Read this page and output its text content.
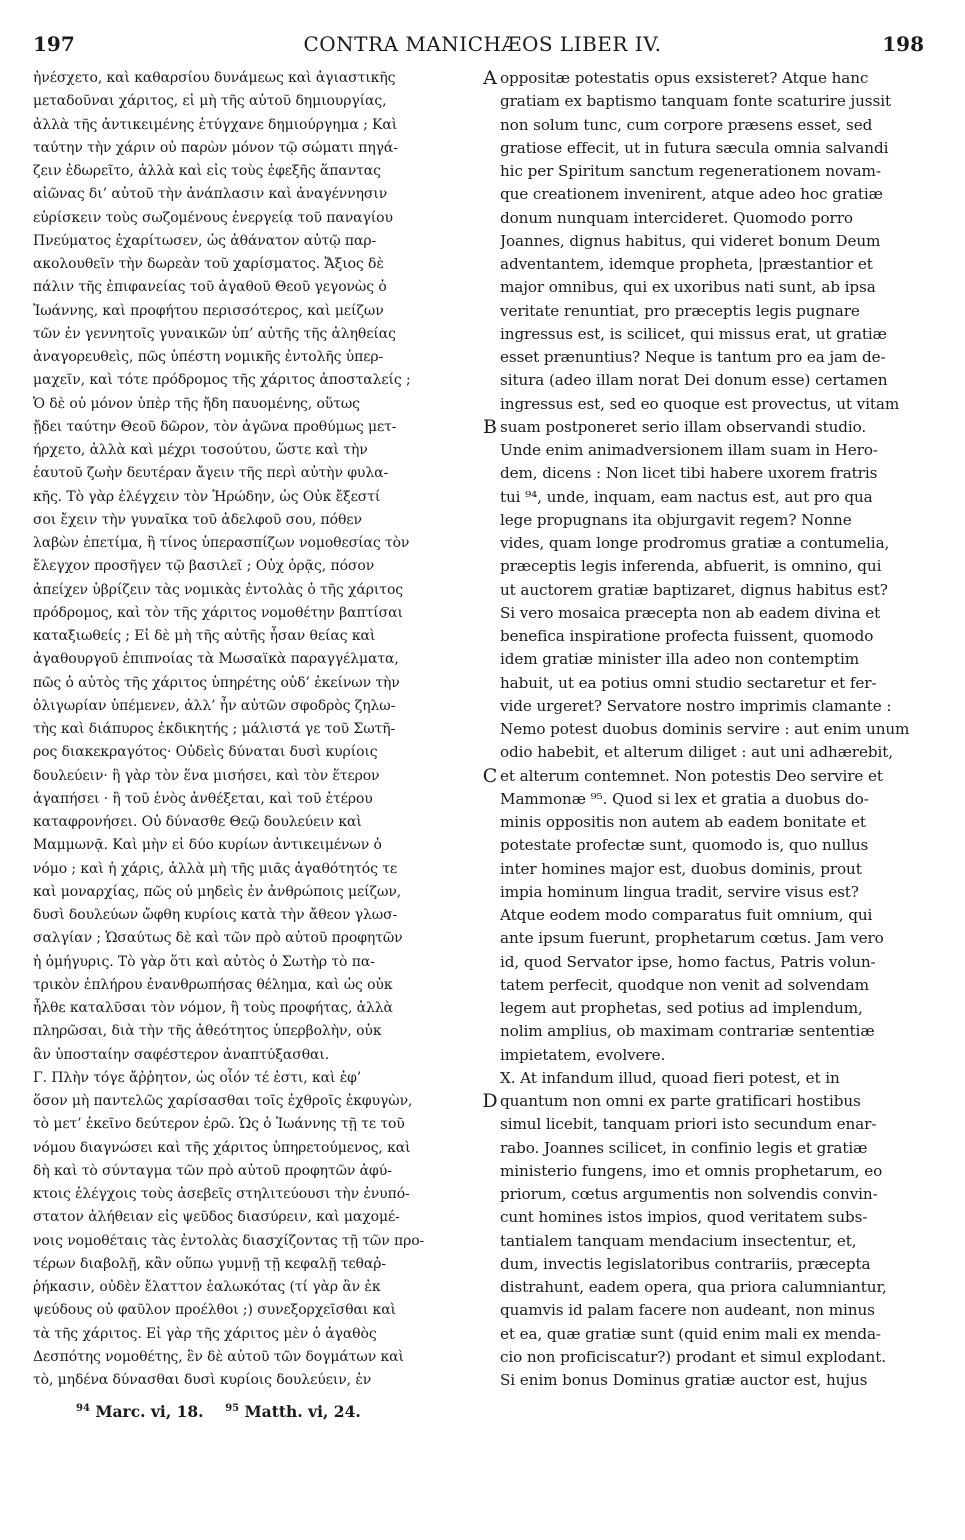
197	CONTRA MANICHÆOS LIBER IV.	198
ἠνέσχετο, καὶ καθαρσίου δυνάμεως καὶ ἁγιαστικῆς
μεταδοῦναι χάριτος, εἰ μὴ τῆς αὐτοῦ δημιουργίας,
ἀλλὰ τῆς ἀντικειμένης ἐτύγχανε δημιούργημα ; Καὶ
ταύτην τὴν χάριν οὐ παρὼν μόνον τῷ σώματι πηγά-
ζειν ἐδωρεῖτο, ἀλλὰ καὶ εἰς τοὺς ἐφεξῆς ἅπαντας
αἰῶνας δι’ αὐτοῦ τὴν ἀνάπλασιν καὶ ἀναγέννησιν
εὑρίσκειν τοὺς σωζομένους ἐνεργείᾳ τοῦ παναγίου
Πνεύματος ἐχαρίτωσεν, ὡς ἀθάνατον αὐτῷ παρ-
ακολουθεῖν τὴν δωρεὰν τοῦ χαρίσματος. Ἄξιος δὲ
πάλιν τῆς ἐπιφανείας τοῦ ἀγαθοῦ Θεοῦ γεγονὼς ὁ
Ἰωάννης, καὶ προφήτου περισσότερος, καὶ μείζων
τῶν ἐν γεννητοῖς γυναικῶν ὑπ’ αὐτῆς τῆς ἀληθείας
ἀναγορευθεὶς, πῶς ὑπέστη νομικῆς ἐντολῆς ὑπερ-
μαχεῖν, καὶ τότε πρόδρομος τῆς χάριτος ἀποσταλείς ;
Ὁ δὲ οὐ μόνον ὑπὲρ τῆς ἤδη παυομένης, οὕτως
ᾔδει ταύτην Θεοῦ δῶρον, τὸν ἀγῶνα προθύμως μετ-
ήρχετο, ἀλλὰ καὶ μέχρι τοσούτου, ὥστε καὶ τὴν
ἑαυτοῦ ζωὴν δευτέραν ἄγειν τῆς περὶ αὐτὴν φυλα-
κῆς. Τὸ γὰρ ἐλέγχειν τὸν Ἡρώδην, ὡς Οὐκ ἔξεστί
σοι ἔχειν τὴν γυναῖκα τοῦ ἀδελφοῦ σου, πόθεν
λαβὼν ἐπετίμα, ἢ τίνος ὑπερασπίζων νομοθεσίας τὸν
ἔλεγχον προσῆγεν τῷ βασιλεῖ ; Οὐχ ὁρᾷς, πόσον
ἀπείχεν ὑβρίζειν τὰς νομικὰς ἐντολὰς ὁ τῆς χάριτος
πρόδρομος, καὶ τὸν τῆς χάριτος νομοθέτην βαπτίσαι
καταξιωθείς ; Εἰ δὲ μὴ τῆς αὐτῆς ἦσαν θείας καὶ
ἀγαθουργοῦ ἐπιπνοίας τὰ Μωσαϊκὰ παραγγέλματα,
πῶς ὁ αὐτὸς τῆς χάριτος ὑπηρέτης οὐδ’ ἐκείνων τὴν
ὀλιγωρίαν ὑπέμενεν, ἀλλ’ ἦν αὐτῶν σφοδρὸς ζηλω-
τὴς καὶ διάπυρος ἐκδικητής ; μάλιστά γε τοῦ Σωτῆ-
ρος διακεκραγότος· Οὐδεὶς δύναται δυσὶ κυρίοις
δουλεύειν· ἢ γὰρ τὸν ἕνα μισήσει, καὶ τὸν ἕτερον
ἀγαπήσει · ἢ τοῦ ἑνὸς ἀνθέξεται, καὶ τοῦ ἑτέρου
καταφρονήσει. Οὐ δύνασθε Θεῷ δουλεύειν καὶ
Μαμμωνᾷ. Καὶ μὴν εἰ δύο κυρίων ἀντικειμένων ὁ
νόμο ; καὶ ἡ χάρις, ἀλλὰ μὴ τῆς μιᾶς ἀγαθότητός τε
καὶ μοναρχίας, πῶς οὐ μηδεὶς ἐν ἀνθρώποις μείζων,
δυσὶ δουλεύων ὤφθη κυρίοις κατὰ τὴν ἄθεον γλωσ-
σαλγίαν ; Ὡσαύτως δὲ καὶ τῶν πρὸ αὐτοῦ προφητῶν
ἡ ὁμήγυρις. Τὸ γὰρ ὅτι καὶ αὐτὸς ὁ Σωτὴρ τὸ πα-
τρικὸν ἐπλήρου ἐνανθρωπήσας θέλημα, καὶ ὡς οὐκ
ἦλθε καταλῦσαι τὸν νόμον, ἢ τοὺς προφήτας, ἀλλὰ
πληρῶσαι, διὰ τὴν τῆς ἀθεότητος ὑπερβολὴν, οὐκ
ἂν ὑποσταίην σαφέστερον ἀναπτύξασθαι.
Γ. Πλὴν τόγε ἄῤῥητον, ὡς οἷόν τέ ἐστι, καὶ ἐφ’
ὅσον μὴ παντελῶς χαρίσασθαι τοῖς ἐχθροῖς ἐκφυγὼν,
τὸ μετ’ ἐκεῖνο δεύτερον ἐρῶ. Ὡς ὁ Ἰωάννης τῇ τε τοῦ
νόμου διαγνώσει καὶ τῆς χάριτος ὑπηρετούμενος, καὶ
δὴ καὶ τὸ σύνταγμα τῶν πρὸ αὐτοῦ προφητῶν ἀφύ-
κτοις ἐλέγχοις τοὺς ἀσεβεῖς στηλιτεύουσι τὴν ἐνυπό-
στατον ἀλήθειαν εἰς ψεῦδος διασύρειν, καὶ μαχομέ-
νοις νομοθέταις τὰς ἐντολὰς διασχίζοντας τῇ τῶν προ-
τέρων διαβολῇ, κἂν οὕπω γυμνῇ τῇ κεφαλῇ τεθαῤ-
ῥήκασιν, οὐδὲν ἔλαττον ἑαλωκότας (τί γὰρ ἂν ἐκ
ψεύδους οὐ φαῦλον προέλθοι ;) συνεξορχεῖσθαι καὶ
τὰ τῆς χάριτος. Εἰ γὰρ τῆς χάριτος μὲν ὁ ἀγαθὸς
Δεσπότης νομοθέτης, ἓν δὲ αὐτοῦ τῶν δογμάτων καὶ
τὸ, μηδένα δύνασθαι δυσὶ κυρίοις δουλεύειν, ἐν
A
B
C
D
oppositæ potestatis opus exsisteret? Atque hanc
gratiam ex baptismo tanquam fonte scaturire jussit
non solum tunc, cum corpore præsens esset, sed
gratiose effecit, ut in futura sæcula omnia salvandi
hic per Spiritum sanctum regenerationem novam-
que creationem invenirent, atque adeo hoc gratiæ
donum nunquam intercideret. Quomodo porro
Joannes, dignus habitus, qui videret bonum Deum
adventantem, idemque propheta, |præstantior et
major omnibus, qui ex uxoribus nati sunt, ab ipsa
veritate renuntiat, pro præceptis legis pugnare
ingressus est, is scilicet, qui missus erat, ut gratiæ
esset prænuntius? Neque is tantum pro ea jam de-
situra (adeo illam norat Dei donum esse) certamen
ingressus est, sed eo quoque est provectus, ut vitam
suam postponeret serio illam observandi studio.
Unde enim animadversionem illam suam in Hero-
dem, dicens : Non licet tibi habere uxorem fratris
tui ⁹⁴, unde, inquam, eam nactus est, aut pro qua
lege propugnans ita objurgavit regem? Nonne
vides, quam longe prodromus gratiæ a contumelia,
præceptis legis inferenda, abfuerit, is omnino, qui
ut auctorem gratiæ baptizaret, dignus habitus est?
Si vero mosaica præcepta non ab eadem divina et
benefica inspiratione profecta fuissent, quomodo
idem gratiæ minister illa adeo non contemptim
habuit, ut ea potius omni studio sectaretur et fer-
vide urgeret? Servatore nostro imprimis clamante :
Nemo potest duobus dominis servire : aut enim unum
odio habebit, et alterum diliget : aut uni adhærebit,
et alterum contemnet. Non potestis Deo servire et
Mammonæ ⁹⁵. Quod si lex et gratia a duobus do-
minis oppositis non autem ab eadem bonitate et
potestate profectæ sunt, quomodo is, quo nullus
inter homines major est, duobus dominis, prout
impia hominum lingua tradit, servire visus est?
Atque eodem modo comparatus fuit omnium, qui
ante ipsum fuerunt, prophetarum cœtus. Jam vero
id, quod Servator ipse, homo factus, Patris volun-
tatem perfecit, quodque non venit ad solvendam
legem aut prophetas, sed potius ad implendum,
nolim amplius, ob maximam contrariæ sententiæ
impietatem, evolvere.
X. At infandum illud, quoad fieri potest, et in
quantum non omni ex parte gratificari hostibus
simul licebit, tanquam priori isto secundum enar-
rabo. Joannes scilicet, in confinio legis et gratiæ
ministerio fungens, imo et omnis prophetarum, eo
priorum, cœtus argumentis non solvendis convin-
cunt homines istos impios, quod veritatem subs-
tantialem tanquam mendacium insectentur, et,
dum, invectis legislatoribus contrariis, præcepta
distrahunt, eadem opera, qua priora calumniantur,
quamvis id palam facere non audeant, non minus
et ea, quæ gratiæ sunt (quid enim mali ex menda-
cio non proficiscatur?) prodant et simul explodant.
Si enim bonus Dominus gratiæ auctor est, hujus
$^{94}$ Marc. vi, 18. $^{95}$ Matth. vi, 24.
